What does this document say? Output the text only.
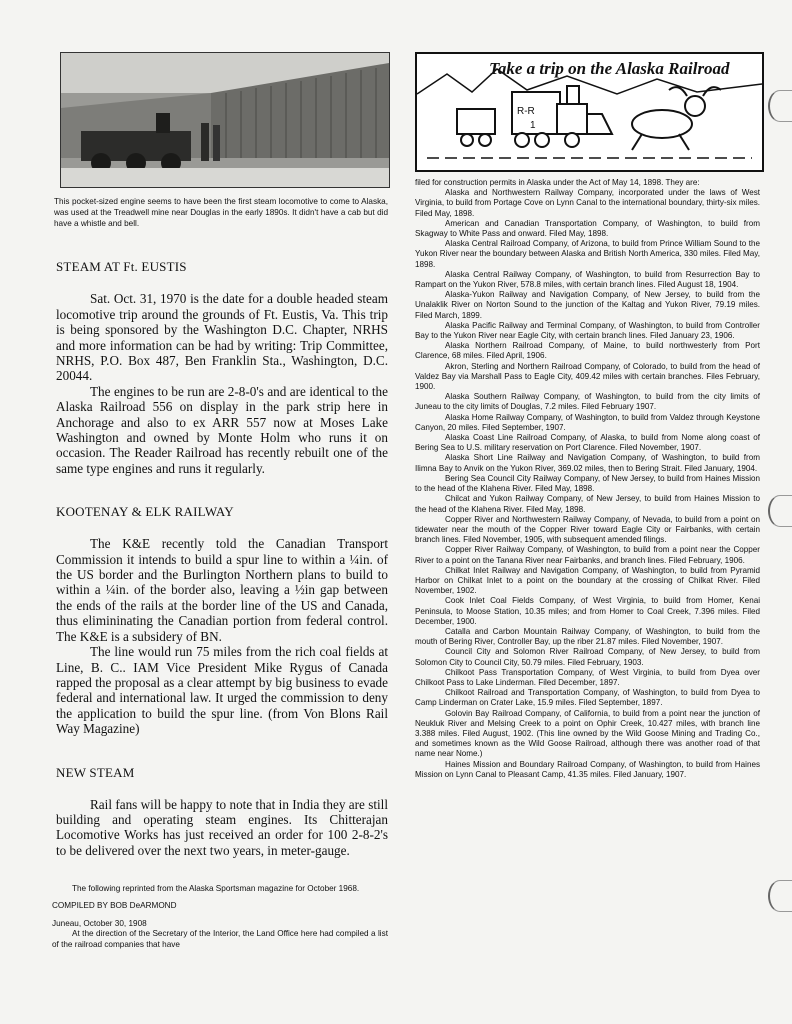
This pocket-sized engine seems to have been the first steam locomotive to come to Alaska, was used at the Treadwell mine near Douglas in the early 1890s. It didn't have a cab but did have a whistle and bell.

STEAM AT Ft. EUSTIS

Sat. Oct. 31, 1970 is the date for a double headed steam locomotive trip around the grounds of Ft. Eustis, Va. This trip is being sponsored by the Washington D.C. Chapter, NRHS and more information can be had by writing: Trip Committee, NRHS, P.O. Box 487, Ben Franklin Sta., Washington, D.C. 20044.

The engines to be run are 2-8-0's and are identical to the Alaska Railroad 556 on display in the park strip here in Anchorage and also to ex ARR 557 now at Moses Lake Washington and owned by Monte Holm who runs it on occasion. The Reader Railroad has recently rebuilt one of the same type engines and runs it regularly.

KOOTENAY & ELK RAILWAY

The K&E recently told the Canadian Transport Commission it intends to build a spur line to within a ¼in. of the US border and the Burlington Northern plans to build to within a ¼in. of the border also, leaving a ½in gap between the ends of the rails at the border line of the US and Canada, thus elimininating the Canadian portion from federal control. The K&E is a subsidery of BN.

The line would run 75 miles from the rich coal fields at Line, B. C.. IAM Vice President Mike Rygus of Canada rapped the proposal as a clear attempt by big business to evade federal and international law. It urged the commission to deny the application to build the spur line. (from Von Blons Rail Way Magazine)

NEW STEAM

Rail fans will be happy to note that in India they are still building and operating steam engines. Its Chitterajan Locomotive Works has just received an order for 100 2-8-2's to be delivered over the next two years, in meter-gauge.

The following reprinted from the Alaska Sportsman magazine for October 1968.

COMPILED BY BOB DeARMOND

Juneau, October 30, 1908

At the direction of the Secretary of the Interior, the Land Office here had compiled a list of the railroad companies that have

Take a trip on the Alaska Railroad
R-R
1

filed for construction permits in Alaska under the Act of May 14, 1898. They are:

Alaska and Northwestern Railway Company, incorporated under the laws of West Virginia, to build from Portage Cove on Lynn Canal to the international boundary, thirty-six miles. Filed May, 1898.

American and Canadian Transportation Company, of Washington, to build from Skagway to White Pass and onward. Filed May, 1898.

Alaska Central Railroad Company, of Arizona, to build from Prince William Sound to the Yukon River near the boundary between Alaska and British North America, 330 miles. Filed May, 1898.

Alaska Central Railway Company, of Washington, to build from Resurrection Bay to Rampart on the Yukon River, 578.8 miles, with certain branch lines. Filed August 18, 1904.

Alaska-Yukon Railway and Navigation Company, of New Jersey, to build from the Unalaklik River on Norton Sound to the junction of the Kaltag and Yukon River, 79.19 miles. Filed March, 1899.

Alaska Pacific Railway and Terminal Company, of Washington, to build from Controller Bay to the Yukon River near Eagle City, with certain branch lines. Filed January 23, 1906.

Alaska Northern Railroad Company, of Maine, to build northwesterly from Port Clarence, 68 miles. Filed April, 1906.

Akron, Sterling and Northern Railroad Company, of Colorado, to build from the head of Valdez Bay via Marshall Pass to Eagle City, 409.42 miles with certain branches. Files February, 1900.

Alaska Southern Railway Company, of Washington, to build from the city limits of Juneau to the city limits of Douglas, 7.2 miles. Filed February 1907.

Alaska Home Railway Company, of Washington, to build from Valdez through Keystone Canyon, 20 miles. Filed September, 1907.

Alaska Coast Line Railroad Company, of Alaska, to build from Nome along coast of Bering Sea to U.S. military reservation on Port Clarence. Filed November, 1907.

Alaska Short Line Railway and Navigation Company, of Washington, to build from Ilimna Bay to Anvik on the Yukon River, 369.02 miles, then to Bering Strait. Filed January, 1904.

Bering Sea Council City Railway Company, of New Jersey, to build from Haines Mission to the head of the Klahena River. Filed May, 1898.

Chilcat and Yukon Railway Company, of New Jersey, to build from Haines Mission to the head of the Klahena River. Filed May, 1898.

Copper River and Northwestern Railway Company, of Nevada, to build from a point on tidewater near the mouth of the Copper River toward Eagle City or Fairbanks, with certain branch lines. Filed November, 1905, with subsequent amended filings.

Copper River Railway Company, of Washington, to build from a point near the Copper River to a point on the Tanana River near Fairbanks, and branch lines. Filed February, 1906.

Chilkat Inlet Railway and Navigation Company, of Washington, to build from Pyramid Harbor on Chilkat Inlet to a point on the boundary at the crossing of Chilkat River. Filed November, 1902.

Cook Inlet Coal Fields Company, of West Virginia, to build from Homer, Kenai Peninsula, to Moose Station, 10.35 miles; and from Homer to Coal Creek, 7.396 miles. Filed December, 1900.

Catalla and Carbon Mountain Railway Company, of Washington, to build from the mouth of Bering River, Controller Bay, up the riber 21.87 miles. Filed November, 1907.

Council City and Solomon River Railroad Company, of New Jersey, to build from Solomon City to Council City, 50.79 miles. Filed February, 1903.

Chilkoot Pass Transportation Company, of West Virginia, to build from Dyea over Chilkoot Pass to Lake Linderman. Filed December, 1897.

Chilkoot Railroad and Transportation Company, of Washington, to build from Dyea to Camp Linderman on Crater Lake, 15.9 miles. Filed September, 1897.

Golovin Bay Railroad Company, of California, to build from a point near the junction of Neukluk River and Melsing Creek to a point on Ophir Creek, 10.427 miles, with branch line 3.388 miles. Filed August, 1902. (This line owned by the Wild Goose Mining and Trading Co., and sometimes known as the Wild Goose Railroad, although there was another road of that name near Nome.)

Haines Mission and Boundary Railroad Company, of Washington, to build from Haines Mission on Lynn Canal to Pleasant Camp, 41.35 miles. Filed January, 1907.
